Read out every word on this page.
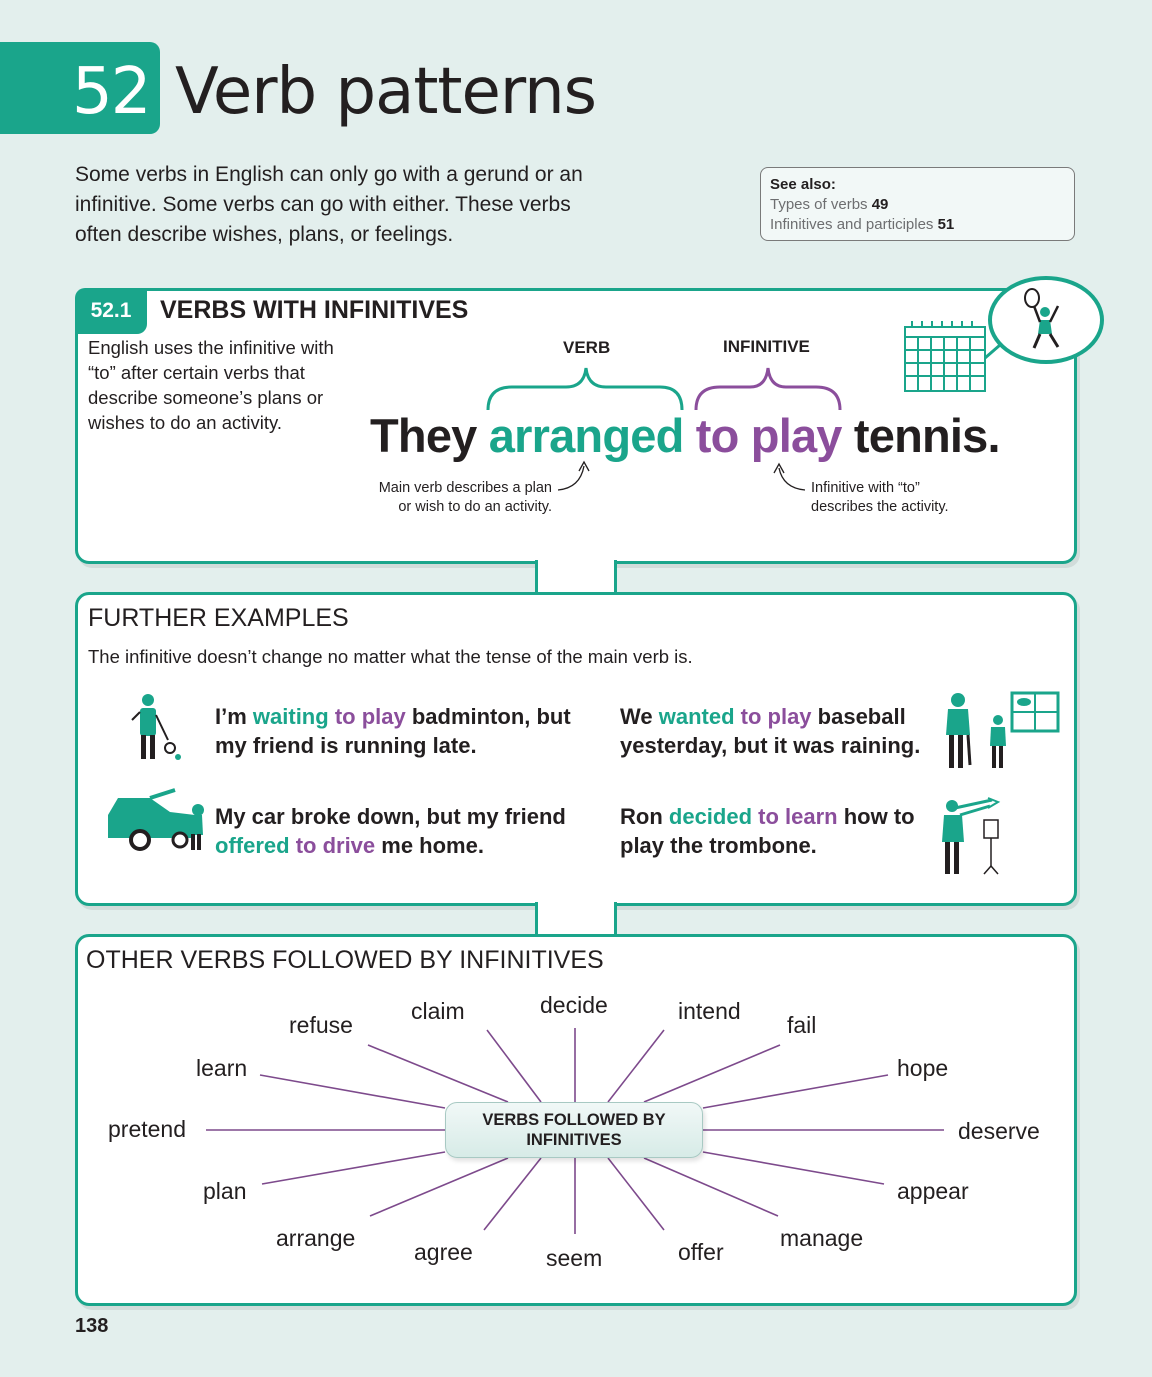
52 Verb patterns
Some verbs in English can only go with a gerund or an infinitive. Some verbs can go with either. These verbs often describe wishes, plans, or feelings.
See also:
Types of verbs 49
Infinitives and participles 51
52.1	VERBS WITH INFINITIVES
English uses the infinitive with “to” after certain verbs that describe someone’s plans or wishes to do an activity.
VERB	INFINITIVE
They arranged to play tennis.
Main verb describes a plan or wish to do an activity.
Infinitive with “to” describes the activity.
FURTHER EXAMPLES
The infinitive doesn’t change no matter what the tense of the main verb is.
I’m waiting to play badminton, but my friend is running late.
We wanted to play baseball yesterday, but it was raining.
My car broke down, but my friend offered to drive me home.
Ron decided to learn how to play the trombone.
OTHER VERBS FOLLOWED BY INFINITIVES
VERBS FOLLOWED BY INFINITIVES
decide
claim	intend
refuse	fail
learn	hope
pretend	deserve
plan	appear
arrange	manage
agree	offer
seem
138
